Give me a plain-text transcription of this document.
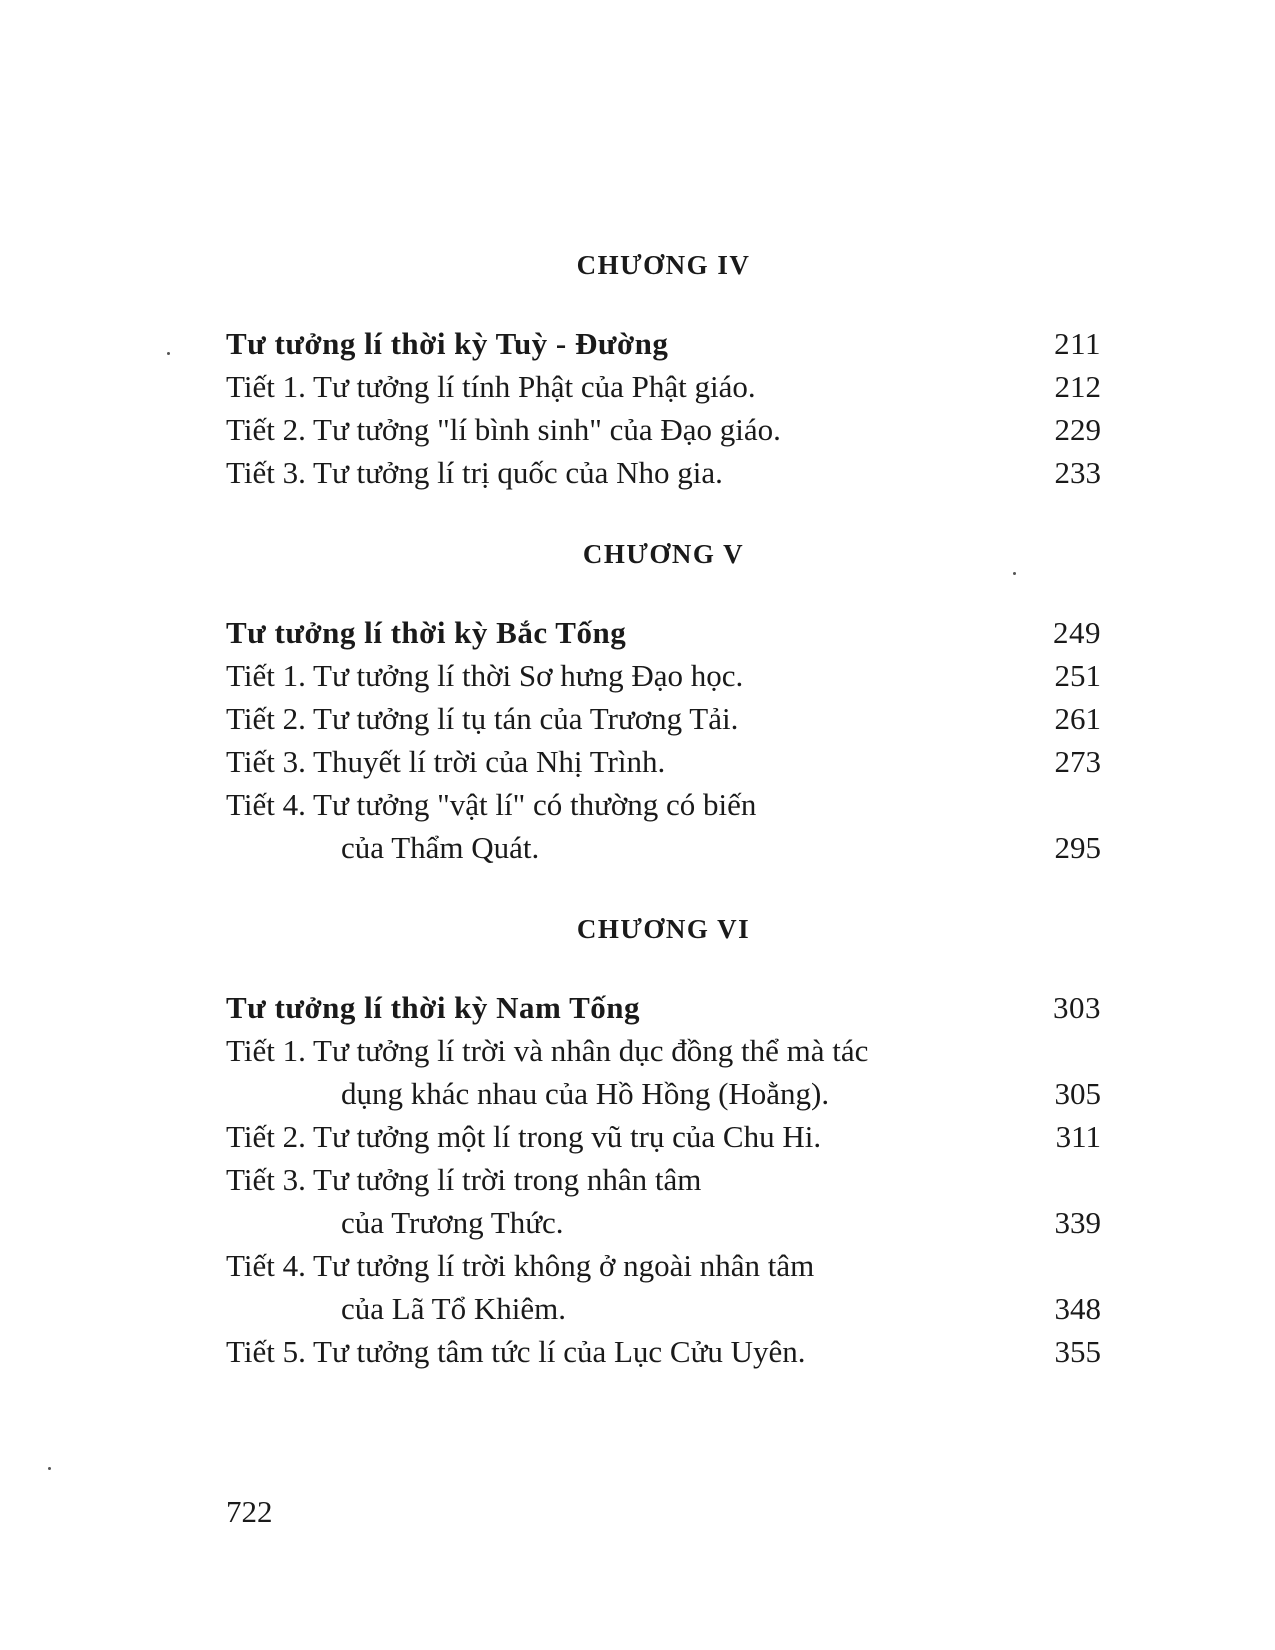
CHƯƠNG IV
Tư tưởng lí thời kỳ Tuỳ - Đường	211
Tiết 1. Tư tưởng lí tính Phật của Phật giáo.	212
Tiết 2. Tư tưởng "lí bình sinh" của Đạo giáo.	229
Tiết 3. Tư tưởng lí trị quốc của Nho gia.	233
CHƯƠNG V
Tư tưởng lí thời kỳ Bắc Tống	249
Tiết 1. Tư tưởng lí thời Sơ hưng Đạo học.	251
Tiết 2. Tư tưởng lí tụ tán của Trương Tải.	261
Tiết 3. Thuyết lí trời của Nhị Trình.	273
Tiết 4. Tư tưởng "vật lí" có thường có biến
của Thẩm Quát.	295
CHƯƠNG VI
Tư tưởng lí thời kỳ Nam Tống	303
Tiết 1. Tư tưởng lí trời và nhân dục đồng thể mà tác
dụng khác nhau của Hồ Hồng (Hoằng).	305
Tiết 2. Tư tưởng một lí trong vũ trụ của Chu Hi.	311
Tiết 3. Tư tưởng lí trời trong nhân tâm
của Trương Thức.	339
Tiết 4. Tư tưởng lí trời không ở ngoài nhân tâm
của Lã Tổ Khiêm.	348
Tiết 5. Tư tưởng tâm tức lí của Lục Cửu Uyên.	355
722
